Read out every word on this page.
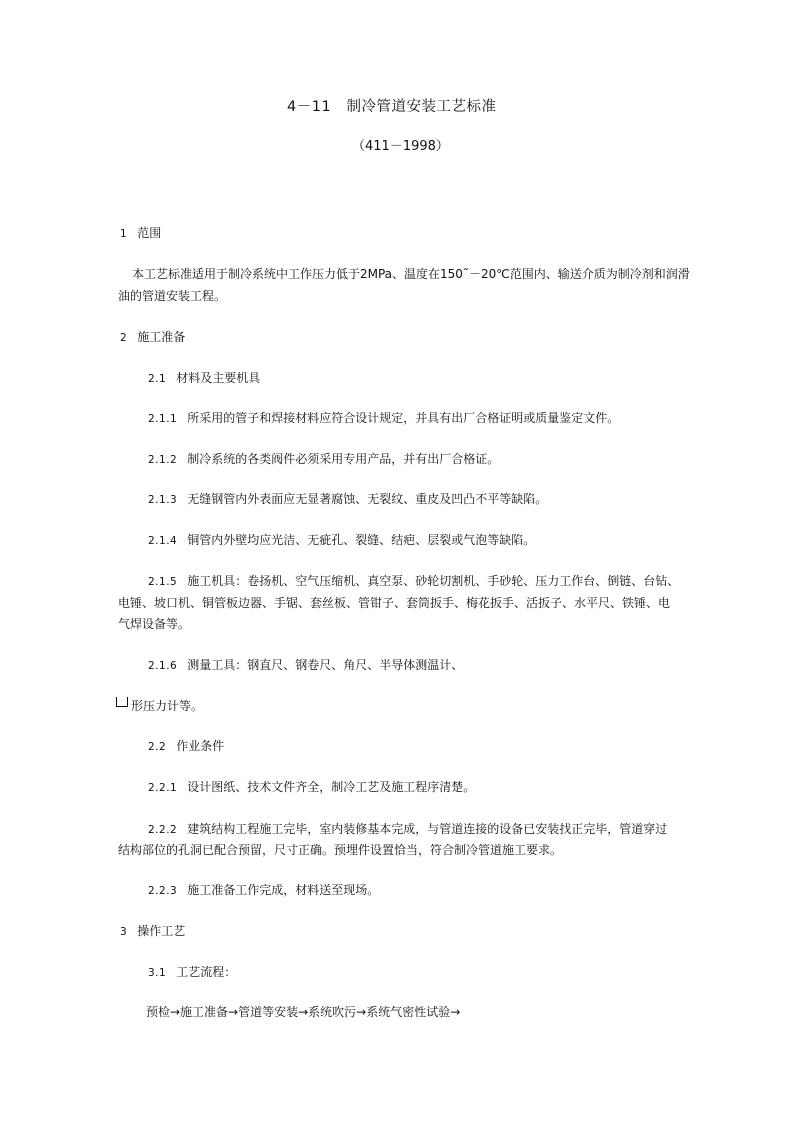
4－11 制冷管道安装工艺标准
（411－1998）
1 范围
本工艺标准适用于制冷系统中工作压力低于2MPa、温度在150˜－20℃范围内、输送介质为制冷剂和润滑
油的管道安装工程。
2 施工准备
2.1 材料及主要机具
2.1.1 所采用的管子和焊接材料应符合设计规定，并具有出厂合格证明或质量鉴定文件。
2.1.2 制冷系统的各类阀件必须采用专用产品，并有出厂合格证。
2.1.3 无缝钢管内外表面应无显著腐蚀、无裂纹、重皮及凹凸不平等缺陷。
2.1.4 铜管内外壁均应光洁、无疵孔、裂缝、结疤、层裂或气泡等缺陷。
2.1.5 施工机具：卷扬机、空气压缩机、真空泵、砂轮切割机、手砂轮、压力工作台、倒链、台钻、
电锤、坡口机、铜管板边器、手锯、套丝板、管钳子、套筒扳手、梅花扳手、活扳子、水平尺、铁锤、电
气焊设备等。
2.1.6 测量工具：钢直尺、钢卷尺、角尺、半导体测温计、
形压力计等。
2.2 作业条件
2.2.1 设计图纸、技术文件齐全，制冷工艺及施工程序清楚。
2.2.2 建筑结构工程施工完毕，室内装修基本完成，与管道连接的设备已安装找正完毕，管道穿过
结构部位的孔洞已配合预留，尺寸正确。预埋件设置恰当，符合制冷管道施工要求。
2.2.3 施工准备工作完成，材料送至现场。
3 操作工艺
3.1 工艺流程：
预检→施工准备→管道等安装→系统吹污→系统气密性试验→
